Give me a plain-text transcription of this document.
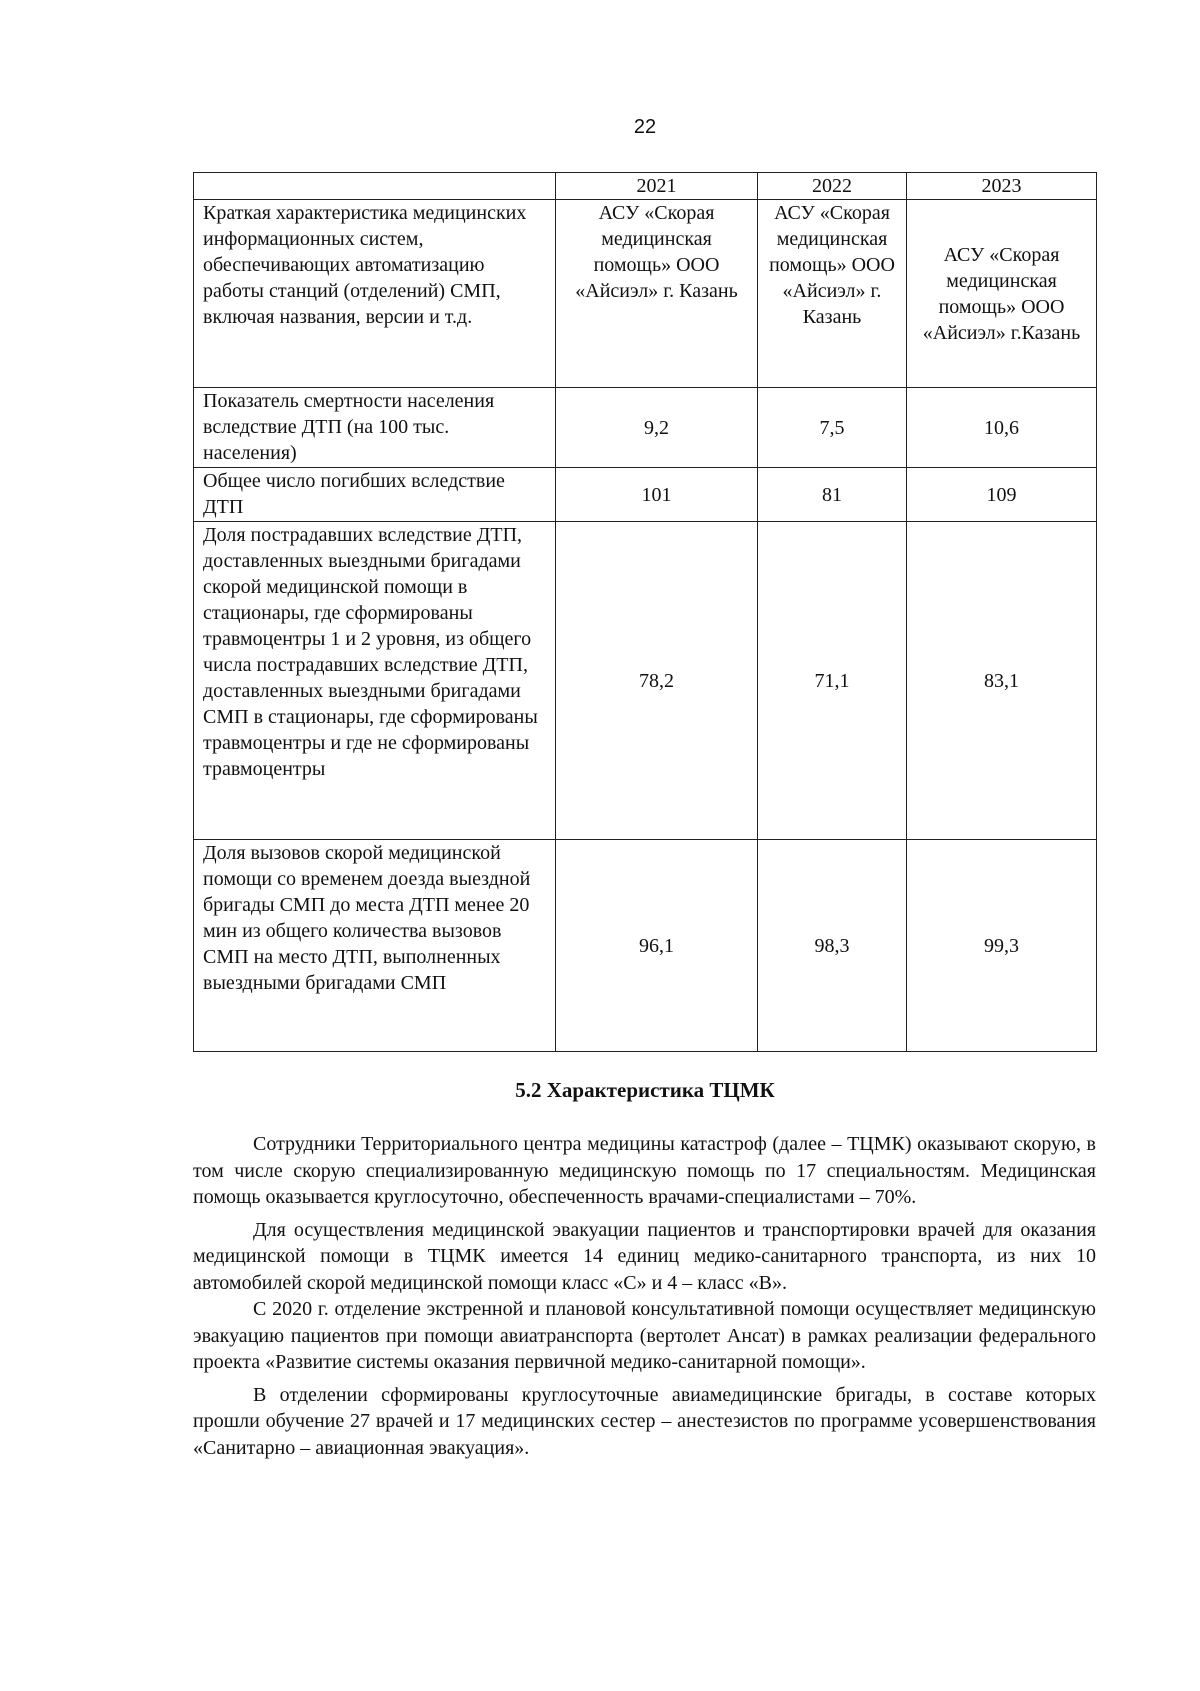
22
	2021	2022	2023
Краткая характеристика медицинских информационных систем, обеспечивающих автоматизацию работы станций (отделений) СМП, включая названия, версии и т.д.	АСУ «Скорая медицинская помощь» ООО «Айсиэл» г. Казань	АСУ «Скорая медицинская помощь» ООО «Айсиэл» г. Казань	АСУ «Скорая медицинская помощь» ООО «Айсиэл» г.Казань
Показатель смертности населения вследствие ДТП (на 100 тыс. населения)	9,2	7,5	10,6
Общее число погибших вследствие ДТП	101	81	109
Доля пострадавших вследствие ДТП, доставленных выездными бригадами скорой медицинской помощи в стационары, где сформированы травмоцентры 1 и 2 уровня, из общего числа пострадавших вследствие ДТП, доставленных выездными бригадами СМП в стационары, где сформированы травмоцентры и где не сформированы травмоцентры	78,2	71,1	83,1
Доля вызовов скорой медицинской помощи со временем доезда выездной бригады СМП до места ДТП менее 20 мин из общего количества вызовов СМП на место ДТП, выполненных выездными бригадами СМП	96,1	98,3	99,3
5.2 Характеристика ТЦМК

Сотрудники Территориального центра медицины катастроф (далее – ТЦМК) оказывают скорую, в том числе скорую специализированную медицинскую помощь по 17 специальностям. Медицинская помощь оказывается круглосуточно, обеспеченность врачами-специалистами – 70%.

Для осуществления медицинской эвакуации пациентов и транспортировки врачей для оказания медицинской помощи в ТЦМК имеется 14 единиц медико-санитарного транспорта, из них 10 автомобилей скорой медицинской помощи класс «С» и 4 – класс «В».

С 2020 г. отделение экстренной и плановой консультативной помощи осуществляет медицинскую эвакуацию пациентов при помощи авиатранспорта (вертолет Ансат) в рамках реализации федерального проекта «Развитие системы оказания первичной медико-санитарной помощи».

В отделении сформированы круглосуточные авиамедицинские бригады, в составе которых прошли обучение 27 врачей и 17 медицинских сестер – анестезистов по программе усовершенствования «Санитарно – авиационная эвакуация».
